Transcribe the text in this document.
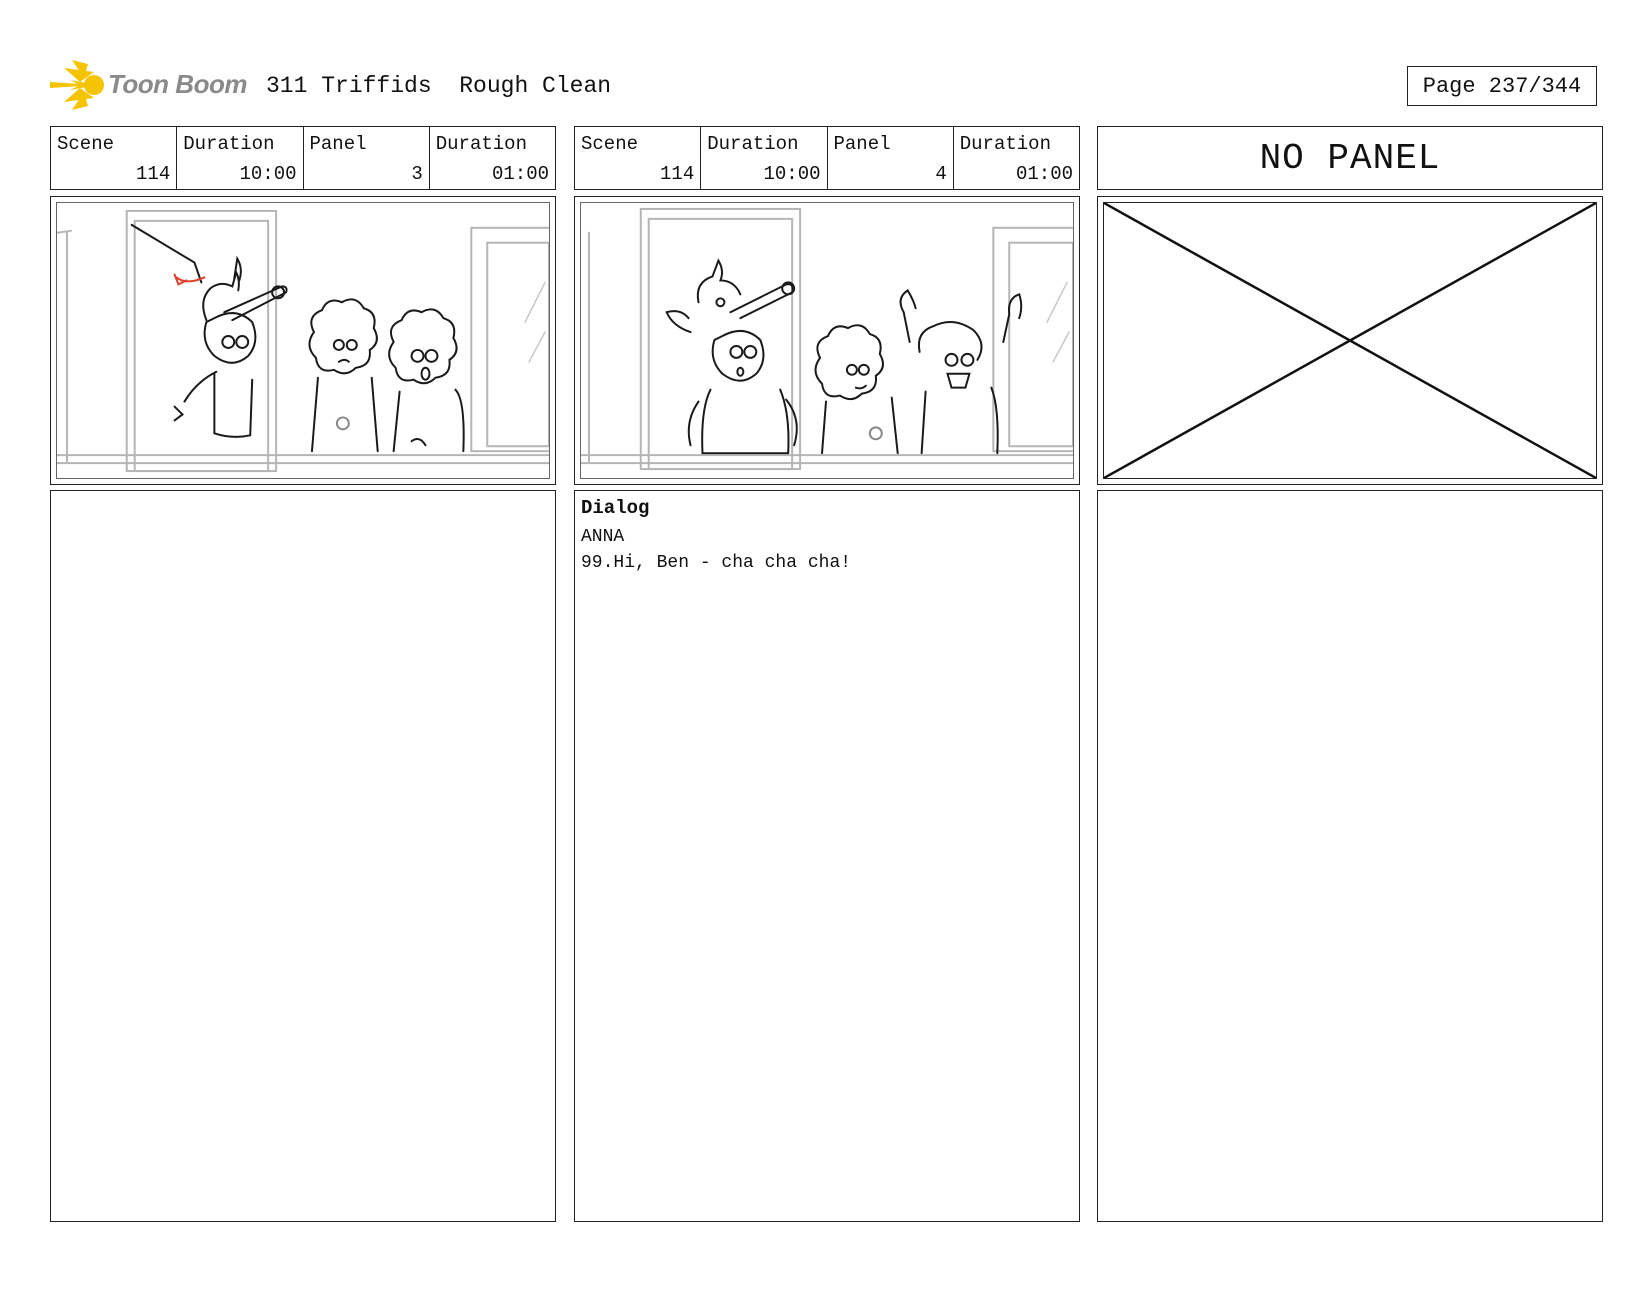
Toon Boom 311 Triffids  Rough Clean	Page 237/344
Scene
114
Duration
10:00
Panel
3
Duration
01:00
Scene
114
Duration
10:00
Panel
4
Duration
01:00
Dialog
ANNA
99.Hi, Ben - cha cha cha!
NO PANEL
